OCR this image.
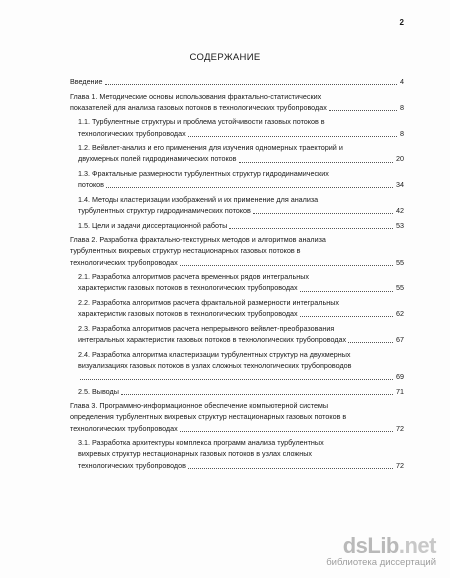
2
СОДЕРЖАНИЕ
Введение	4
Глава 1. Методические основы использования фрактально-статистических
показателей для анализа газовых потоков в технологических трубопроводах	8
1.1. Турбулентные структуры и проблема устойчивости газовых потоков в
технологических трубопроводах	8
1.2. Вейвлет-анализ и его применения для изучения одномерных траекторий и
двухмерных полей гидродинамических потоков	20
1.3. Фрактальные размерности турбулентных структур гидродинамических
потоков	34
1.4. Методы кластеризации изображений и их применение для анализа
турбулентных структур гидродинамических потоков	42
1.5. Цели и задачи диссертационной работы	53
Глава 2. Разработка фрактально-текстурных методов и алгоритмов анализа
турбулентных вихревых структур нестационарных газовых потоков в
технологических трубопроводах	55
2.1. Разработка алгоритмов расчета временных рядов интегральных
характеристик газовых потоков в технологических трубопроводах	55
2.2. Разработка алгоритмов расчета фрактальной размерности интегральных
характеристик газовых потоков в технологических трубопроводах	62
2.3. Разработка алгоритмов расчета непрерывного вейвлет-преобразования
интегральных характеристик газовых потоков в технологических трубопроводах	67
2.4. Разработка алгоритма кластеризации турбулентных структур на двухмерных
визуализациях газовых потоков в узлах сложных технологических трубопроводов
69
2.5. Выводы	71
Глава 3. Программно-информационное обеспечение компьютерной системы
определения турбулентных вихревых структур нестационарных газовых потоков в
технологических трубопроводах	72
3.1. Разработка архитектуры комплекса программ анализа турбулентных
вихревых структур нестационарных газовых потоков в узлах сложных
технологических трубопроводов	72
dsLib.net
библиотека диссертаций
